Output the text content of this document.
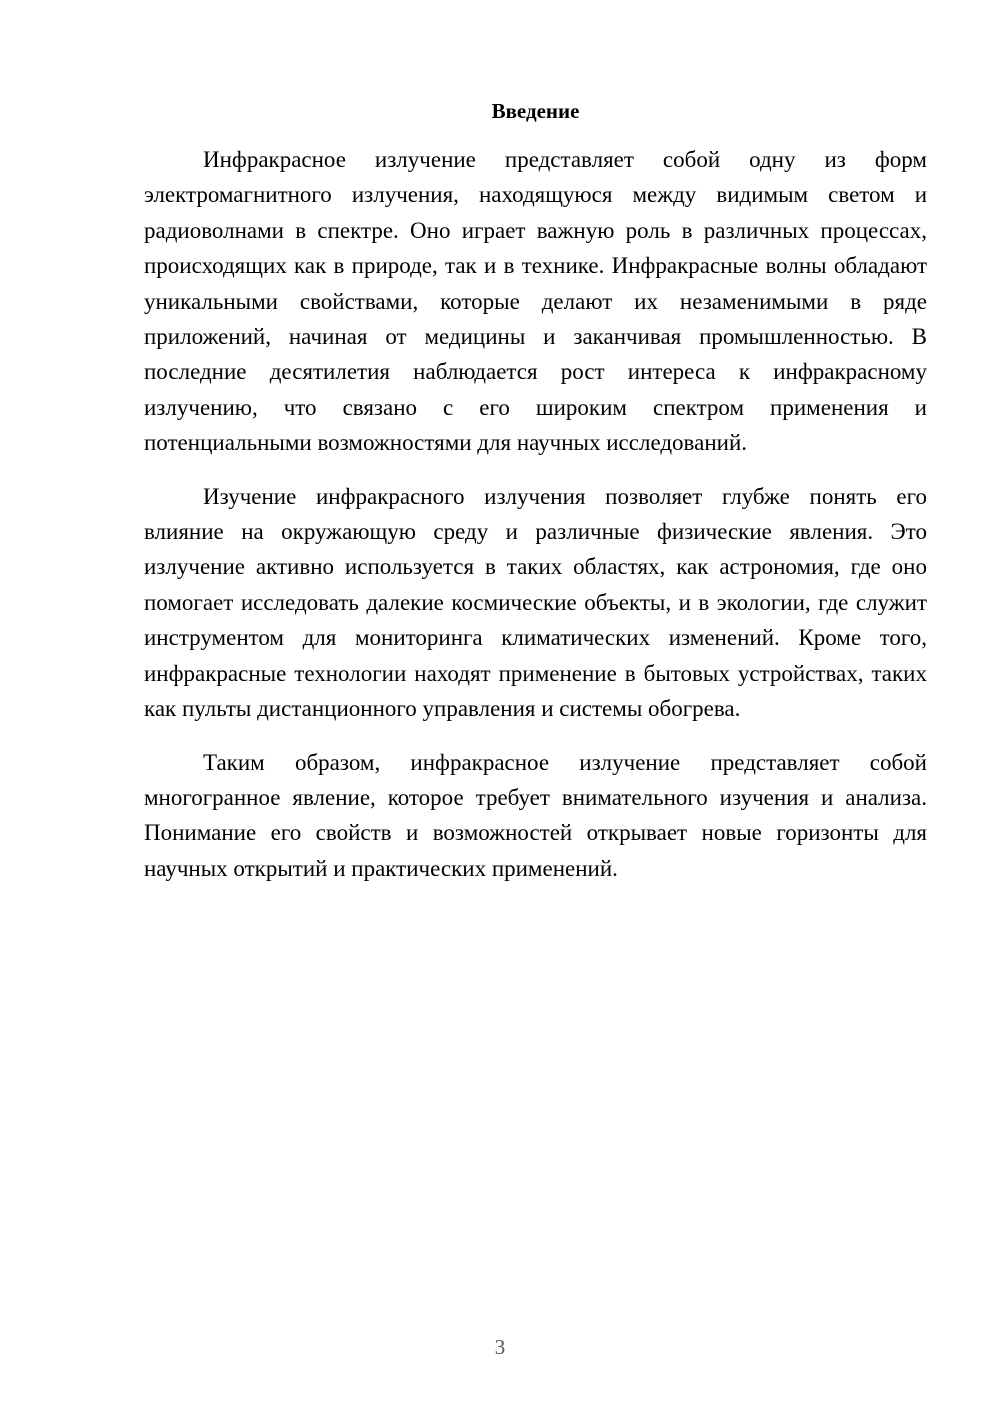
Введение

Инфракрасное излучение представляет собой одну из форм электромагнитного излучения, находящуюся между видимым светом и радиоволнами в спектре. Оно играет важную роль в различных процессах, происходящих как в природе, так и в технике. Инфракрасные волны обладают уникальными свойствами, которые делают их незаменимыми в ряде приложений, начиная от медицины и заканчивая промышленностью. В последние десятилетия наблюдается рост интереса к инфракрасному излучению, что связано с его широким спектром применения и потенциальными возможностями для научных исследований.

Изучение инфракрасного излучения позволяет глубже понять его влияние на окружающую среду и различные физические явления. Это излучение активно используется в таких областях, как астрономия, где оно помогает исследовать далекие космические объекты, и в экологии, где служит инструментом для мониторинга климатических изменений. Кроме того, инфракрасные технологии находят применение в бытовых устройствах, таких как пульты дистанционного управления и системы обогрева.

Таким образом, инфракрасное излучение представляет собой многогранное явление, которое требует внимательного изучения и анализа. Понимание его свойств и возможностей открывает новые горизонты для научных открытий и практических применений.

3
